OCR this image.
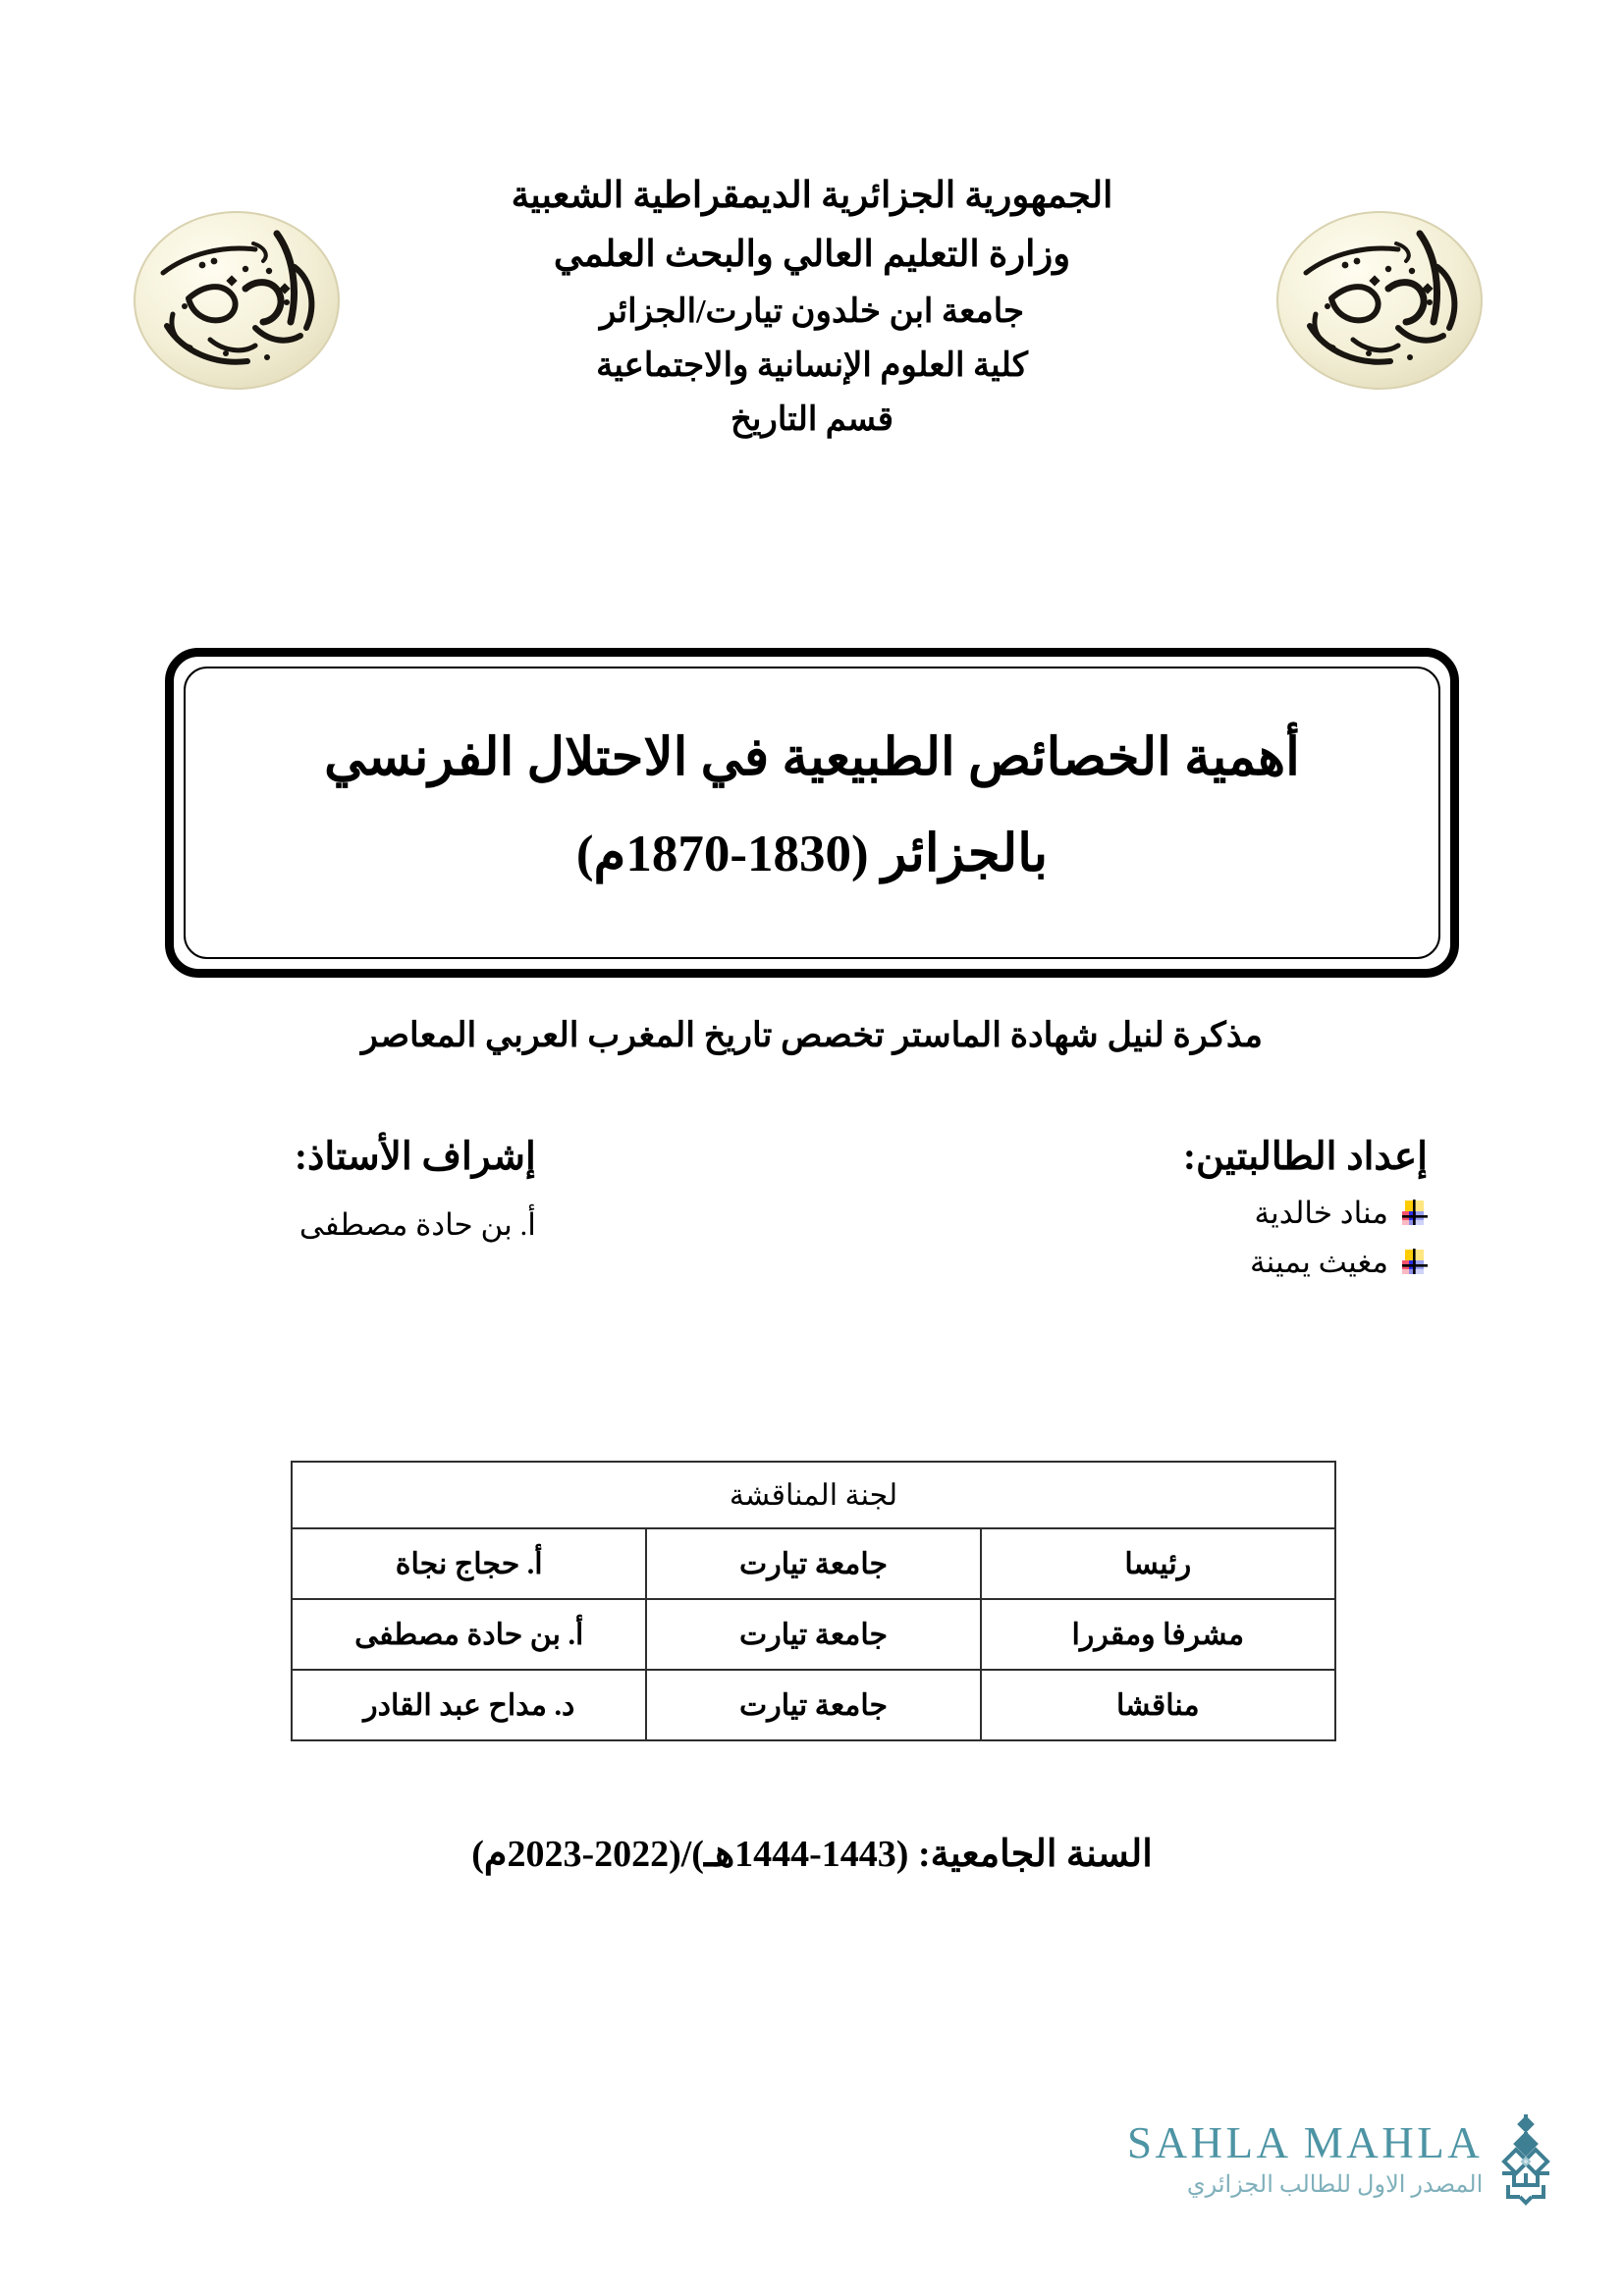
الجمهورية الجزائرية الديمقراطية الشعبية
وزارة التعليم العالي والبحث العلمي
جامعة ابن خلدون تيارت/الجزائر
كلية العلوم الإنسانية والاجتماعية
قسم التاريخ
أهمية الخصائص الطبيعية في الاحتلال الفرنسي
بالجزائر (1830-1870م)
مذكرة لنيل شهادة الماستر تخصص تاريخ المغرب العربي المعاصر
إعداد الطالبتين:
مناد خالدية
مغيث يمينة
إشراف الأستاذ:
أ. بن حادة مصطفى
لجنة المناقشة		
رئيسا	جامعة تيارت	أ. حجاج نجاة
مشرفا ومقررا	جامعة تيارت	أ. بن حادة مصطفى
مناقشا	جامعة تيارت	د. مداح عبد القادر
السنة الجامعية: (1443-1444هـ)/(2022-2023م)
SAHLA MAHLA
المصدر الاول للطالب الجزائري
